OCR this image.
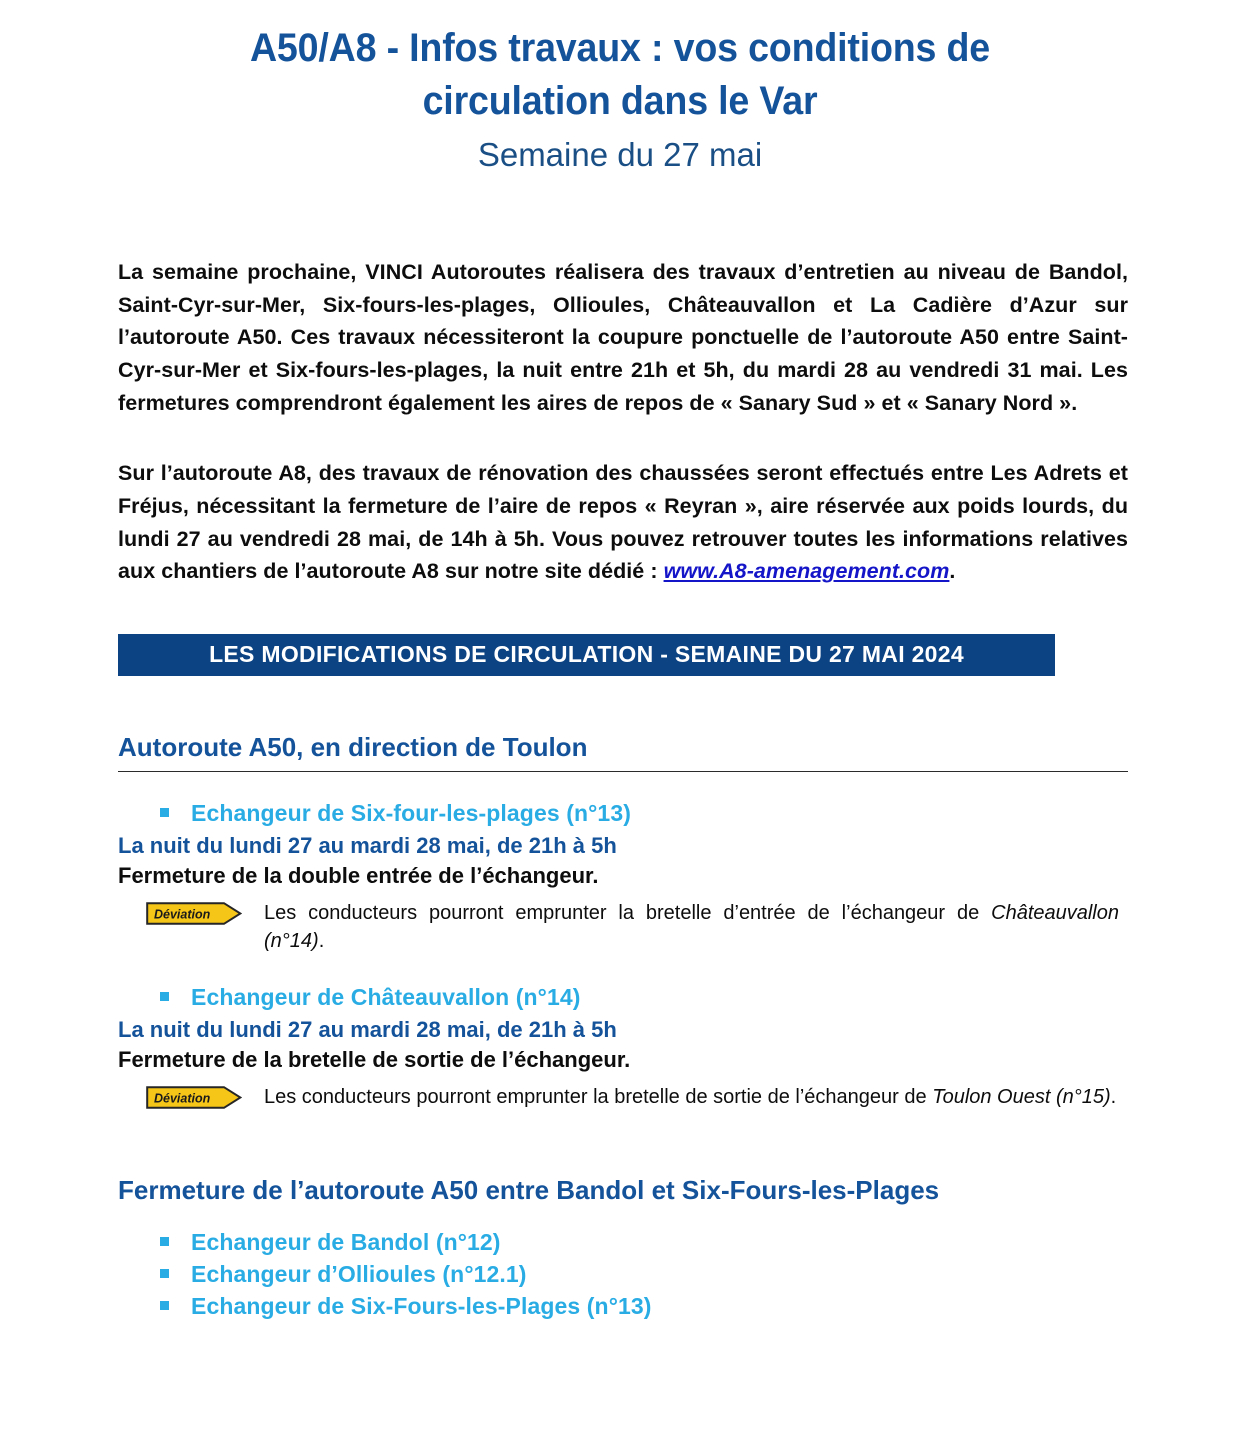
A50/A8 - Infos travaux : vos conditions de circulation dans le Var
Semaine du 27 mai

La semaine prochaine, VINCI Autoroutes réalisera des travaux d’entretien au niveau de Bandol, Saint-Cyr-sur-Mer, Six-fours-les-plages, Ollioules, Châteauvallon et La Cadière d’Azur sur l’autoroute A50. Ces travaux nécessiteront la coupure ponctuelle de l’autoroute A50 entre Saint-Cyr-sur-Mer et Six-fours-les-plages, la nuit entre 21h et 5h, du mardi 28 au vendredi 31 mai. Les fermetures comprendront également les aires de repos de « Sanary Sud » et « Sanary Nord ».

Sur l’autoroute A8, des travaux de rénovation des chaussées seront effectués entre Les Adrets et Fréjus, nécessitant la fermeture de l’aire de repos « Reyran », aire réservée aux poids lourds, du lundi 27 au vendredi 28 mai, de 14h à 5h. Vous pouvez retrouver toutes les informations relatives aux chantiers de l’autoroute A8 sur notre site dédié : www.A8-amenagement.com.

LES MODIFICATIONS DE CIRCULATION - SEMAINE DU 27 MAI 2024
Autoroute A50, en direction de Toulon
Echangeur de Six-four-les-plages (n°13)
La nuit du lundi 27 au mardi 28 mai, de 21h à 5h
Fermeture de la double entrée de l’échangeur.
Déviation	Les conducteurs pourront emprunter la bretelle d’entrée de l’échangeur de Châteauvallon (n°14).
Echangeur de Châteauvallon (n°14)
La nuit du lundi 27 au mardi 28 mai, de 21h à 5h
Fermeture de la bretelle de sortie de l’échangeur.
Déviation	Les conducteurs pourront emprunter la bretelle de sortie de l’échangeur de Toulon Ouest (n°15).
Fermeture de l’autoroute A50 entre Bandol et Six-Fours-les-Plages
Echangeur de Bandol (n°12)
Echangeur d’Ollioules (n°12.1)
Echangeur de Six-Fours-les-Plages (n°13)
